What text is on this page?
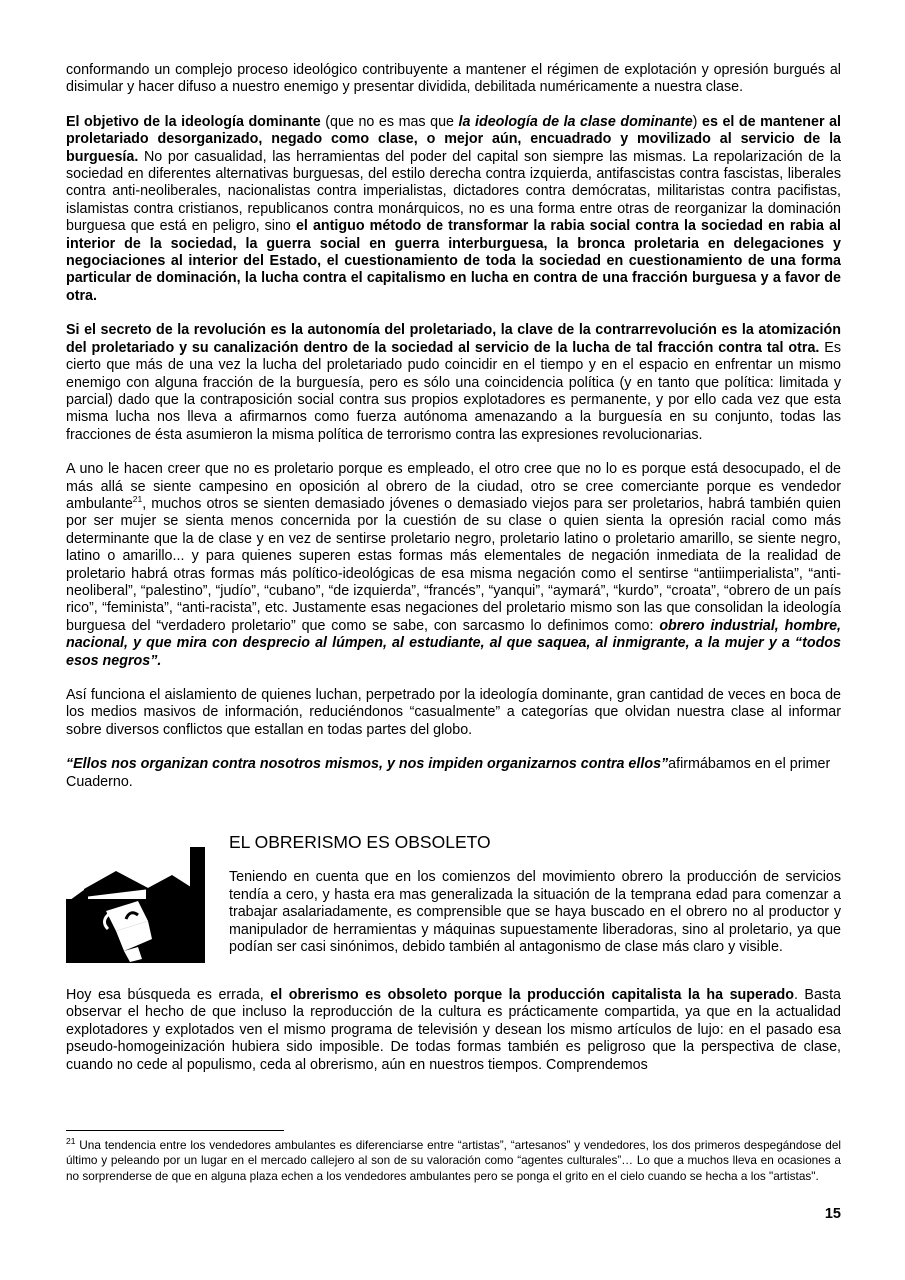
conformando un complejo proceso ideológico contribuyente a mantener el régimen de explotación y opresión burgués al disimular y hacer difuso a nuestro enemigo y presentar dividida, debilitada numéricamente a nuestra clase.

El objetivo de la ideología dominante (que no es mas que la ideología de la clase dominante) es el de mantener al proletariado desorganizado, negado como clase, o mejor aún, encuadrado y movilizado al servicio de la burguesía. No por casualidad, las herramientas del poder del capital son siempre las mismas. La repolarización de la sociedad en diferentes alternativas burguesas, del estilo derecha contra izquierda, antifascistas contra fascistas, liberales contra anti-neoliberales, nacionalistas contra imperialistas, dictadores contra demócratas, militaristas contra pacifistas, islamistas contra cristianos, republicanos contra monárquicos, no es una forma entre otras de reorganizar la dominación burguesa que está en peligro, sino el antiguo método de transformar la rabia social contra la sociedad en rabia al interior de la sociedad, la guerra social en guerra interburguesa, la bronca proletaria en delegaciones y negociaciones al interior del Estado, el cuestionamiento de toda la sociedad en cuestionamiento de una forma particular de dominación, la lucha contra el capitalismo en lucha en contra de una fracción burguesa y a favor de otra.

Si el secreto de la revolución es la autonomía del proletariado, la clave de la contrarrevolución es la atomización del proletariado y su canalización dentro de la sociedad al servicio de la lucha de tal fracción contra tal otra. Es cierto que más de una vez la lucha del proletariado pudo coincidir en el tiempo y en el espacio en enfrentar un mismo enemigo con alguna fracción de la burguesía, pero es sólo una coincidencia política (y en tanto que política: limitada y parcial) dado que la contraposición social contra sus propios explotadores es permanente, y por ello cada vez que esta misma lucha nos lleva a afirmarnos como fuerza autónoma amenazando a la burguesía en su conjunto, todas las fracciones de ésta asumieron la misma política de terrorismo contra las expresiones revolucionarias.

A uno le hacen creer que no es proletario porque es empleado, el otro cree que no lo es porque está desocupado, el de más allá se siente campesino en oposición al obrero de la ciudad, otro se cree comerciante porque es vendedor ambulante$^{21}$, muchos otros se sienten demasiado jóvenes o demasiado viejos para ser proletarios, habrá también quien por ser mujer se sienta menos concernida por la cuestión de su clase o quien sienta la opresión racial como más determinante que la de clase y en vez de sentirse proletario negro, proletario latino o proletario amarillo, se siente negro, latino o amarillo... y para quienes superen estas formas más elementales de negación inmediata de la realidad de proletario habrá otras formas más político-ideológicas de esa misma negación como el sentirse “antiimperialista”, “anti-neoliberal”, “palestino”, “judío”, “cubano”, “de izquierda”, “francés”, “yanqui”, “aymará”, “kurdo”, “croata”, “obrero de un país rico”, “feminista”, “anti-racista”, etc. Justamente esas negaciones del proletario mismo son las que consolidan la ideología burguesa del “verdadero proletario” que como se sabe, con sarcasmo lo definimos como: obrero industrial, hombre, nacional, y que mira con desprecio al lúmpen, al estudiante, al que saquea, al inmigrante, a la mujer y a “todos esos negros”.

Así funciona el aislamiento de quienes luchan, perpetrado por la ideología dominante, gran cantidad de veces en boca de los medios masivos de información, reduciéndonos “casualmente” a categorías que olvidan nuestra clase al informar sobre diversos conflictos que estallan en todas partes del globo.

“Ellos nos organizan contra nosotros mismos, y nos impiden organizarnos contra ellos”afirmábamos en el primer Cuaderno.

EL OBRERISMO ES OBSOLETO

Teniendo en cuenta que en los comienzos del movimiento obrero la producción de servicios tendía a cero, y hasta era mas generalizada la situación de la temprana edad para comenzar a trabajar asalariadamente, es comprensible que se haya buscado en el obrero no al productor y manipulador de herramientas y máquinas supuestamente liberadoras, sino al proletario, ya que podían ser casi sinónimos, debido también al antagonismo de clase más claro y visible.

Hoy esa búsqueda es errada, el obrerismo es obsoleto porque la producción capitalista la ha superado. Basta observar el hecho de que incluso la reproducción de la cultura es prácticamente compartida, ya que en la actualidad explotadores y explotados ven el mismo programa de televisión y desean los mismo artículos de lujo: en el pasado esa pseudo-homogeinización hubiera sido imposible. De todas formas también es peligroso que la perspectiva de clase, cuando no cede al populismo, ceda al obrerismo, aún en nuestros tiempos. Comprendemos

$^{21}$ Una tendencia entre los vendedores ambulantes es diferenciarse entre “artistas”, “artesanos” y vendedores, los dos primeros despegándose del último y peleando por un lugar en el mercado callejero al son de su valoración como “agentes culturales”… Lo que a muchos lleva en ocasiones a no sorprenderse de que en alguna plaza echen a los vendedores ambulantes pero se ponga el grito en el cielo cuando se hecha a los "artistas".
15
